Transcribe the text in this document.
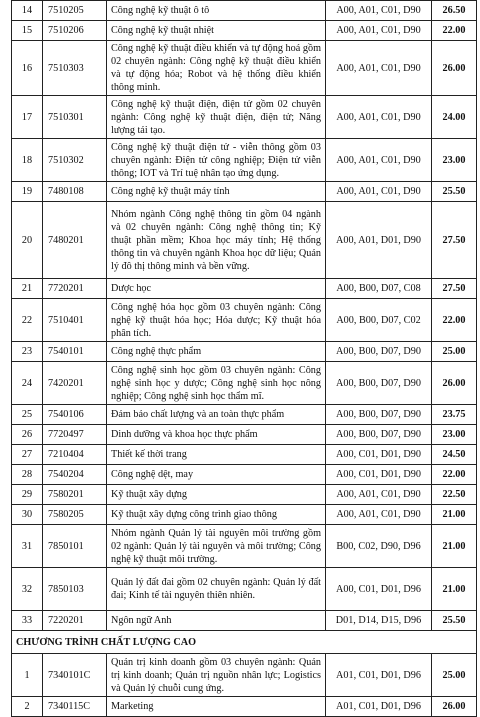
14	7510205	Công nghệ kỹ thuật ô tô	A00, A01, C01, D90	26.50
15	7510206	Công nghệ kỹ thuật nhiệt	A00, A01, C01, D90	22.00
16	7510303	Công nghệ kỹ thuật điều khiển và tự động hoá gồm 02 chuyên ngành: Công nghệ kỹ thuật điều khiển và tự động hóa; Robot và hệ thống điều khiển thông minh.	A00, A01, C01, D90	26.00
17	7510301	Công nghệ kỹ thuật điện, điện tử gồm 02 chuyên ngành: Công nghệ kỹ thuật điện, điện tử; Năng lượng tái tạo.	A00, A01, C01, D90	24.00
18	7510302	Công nghệ kỹ thuật điện tử - viễn thông gồm 03 chuyên ngành: Điện tử công nghiệp; Điện tử viễn thông; IOT và Trí tuệ nhân tạo ứng dụng.	A00, A01, C01, D90	23.00
19	7480108	Công nghệ kỹ thuật máy tính	A00, A01, C01, D90	25.50
20	7480201	Nhóm ngành Công nghệ thông tin gồm 04 ngành và 02 chuyên ngành: Công nghệ thông tin; Kỹ thuật phần mềm; Khoa học máy tính; Hệ thống thông tin và chuyên ngành Khoa học dữ liệu; Quản lý đô thị thông minh và bền vững.	A00, A01, D01, D90	27.50
21	7720201	Dược học	A00, B00, D07, C08	27.50
22	7510401	Công nghệ hóa học gồm 03 chuyên ngành: Công nghệ kỹ thuật hóa học; Hóa dược; Kỹ thuật hóa phân tích.	A00, B00, D07, C02	22.00
23	7540101	Công nghệ thực phẩm	A00, B00, D07, D90	25.00
24	7420201	Công nghệ sinh học gồm 03 chuyên ngành: Công nghệ sinh học y dược; Công nghệ sinh học nông nghiệp; Công nghệ sinh học thẩm mĩ.	A00, B00, D07, D90	26.00
25	7540106	Đảm bảo chất lượng và an toàn thực phẩm	A00, B00, D07, D90	23.75
26	7720497	Dinh dưỡng và khoa học thực phẩm	A00, B00, D07, D90	23.00
27	7210404	Thiết kế thời trang	A00, C01, D01, D90	24.50
28	7540204	Công nghệ dệt, may	A00, C01, D01, D90	22.00
29	7580201	Kỹ thuật xây dựng	A00, A01, C01, D90	22.50
30	7580205	Kỹ thuật xây dựng công trình giao thông	A00, A01, C01, D90	21.00
31	7850101	Nhóm ngành Quản lý tài nguyên môi trường gồm 02 ngành: Quản lý tài nguyên và môi trường; Công nghệ kỹ thuật môi trường.	B00, C02, D90, D96	21.00
32	7850103	Quản lý đất đai gồm 02 chuyên ngành: Quản lý đất đai; Kinh tế tài nguyên thiên nhiên.	A00, C01, D01, D96	21.00
33	7220201	Ngôn ngữ Anh	D01, D14, D15, D96	25.50
CHƯƠNG TRÌNH CHẤT LƯỢNG CAO				
1	7340101C	Quản trị kinh doanh gồm 03 chuyên ngành: Quản trị kinh doanh; Quản trị nguồn nhân lực; Logistics và Quản lý chuỗi cung ứng.	A01, C01, D01, D96	25.00
2	7340115C	Marketing	A01, C01, D01, D96	26.00
